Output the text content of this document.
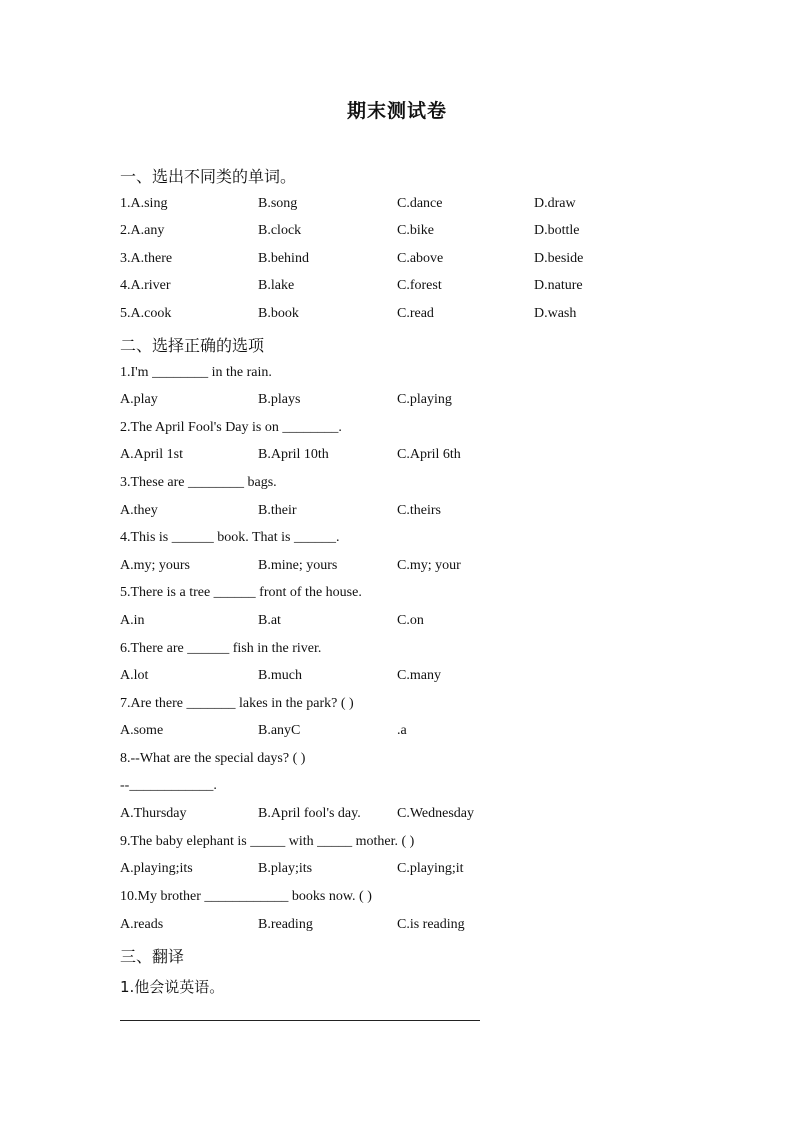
期末测试卷
一、选出不同类的单词。
1.A.sing	B.song	C.dance	D.draw
2.A.any	B.clock	C.bike	D.bottle
3.A.there	B.behind	C.above	D.beside
4.A.river	B.lake	C.forest	D.nature
5.A.cook	B.book	C.read	D.wash
二、选择正确的选项
1.I'm ________ in the rain.
A.play	B.plays	C.playing
2.The April Fool's Day is on ________.
A.April 1st	B.April 10th	C.April 6th
3.These are ________ bags.
A.they	B.their	C.theirs
4.This is ______ book. That is ______.
A.my; yours	B.mine; yours	C.my; your
5.There is a tree ______ front of the house.
A.in	B.at	C.on
6.There are ______ fish in the river.
A.lot	B.much	C.many
7.Are there _______ lakes in the park? ( )
A.some	B.anyC	.a
8.--What are the special days? ( )
--____________.
A.Thursday	B.April fool's day.	C.Wednesday
9.The baby elephant is _____ with _____ mother. ( )
A.playing;its	B.play;its	C.playing;it
10.My brother ____________ books now. ( )
A.reads	B.reading	C.is reading
三、翻译
1.他会说英语。
